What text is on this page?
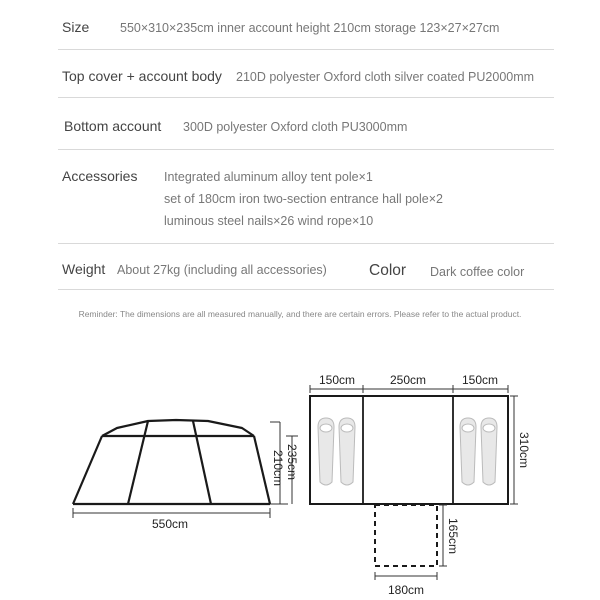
Size 550×310×235cm inner account height 210cm storage 123×27×27cm
Top cover + account body 210D polyester Oxford cloth silver coated PU2000mm
Bottom account 300D polyester Oxford cloth PU3000mm
Accessories Integrated aluminum alloy tent pole×1
set of 180cm iron two-section entrance hall pole×2
luminous steel nails×26 wind rope×10
Weight About 27kg (including all accessories)	Color Dark coffee color
Reminder: The dimensions are all measured manually, and there are certain errors. Please refer to the actual product.
550cm
235cm
210cm
150cm	250cm	150cm
310cm
165cm
180cm
